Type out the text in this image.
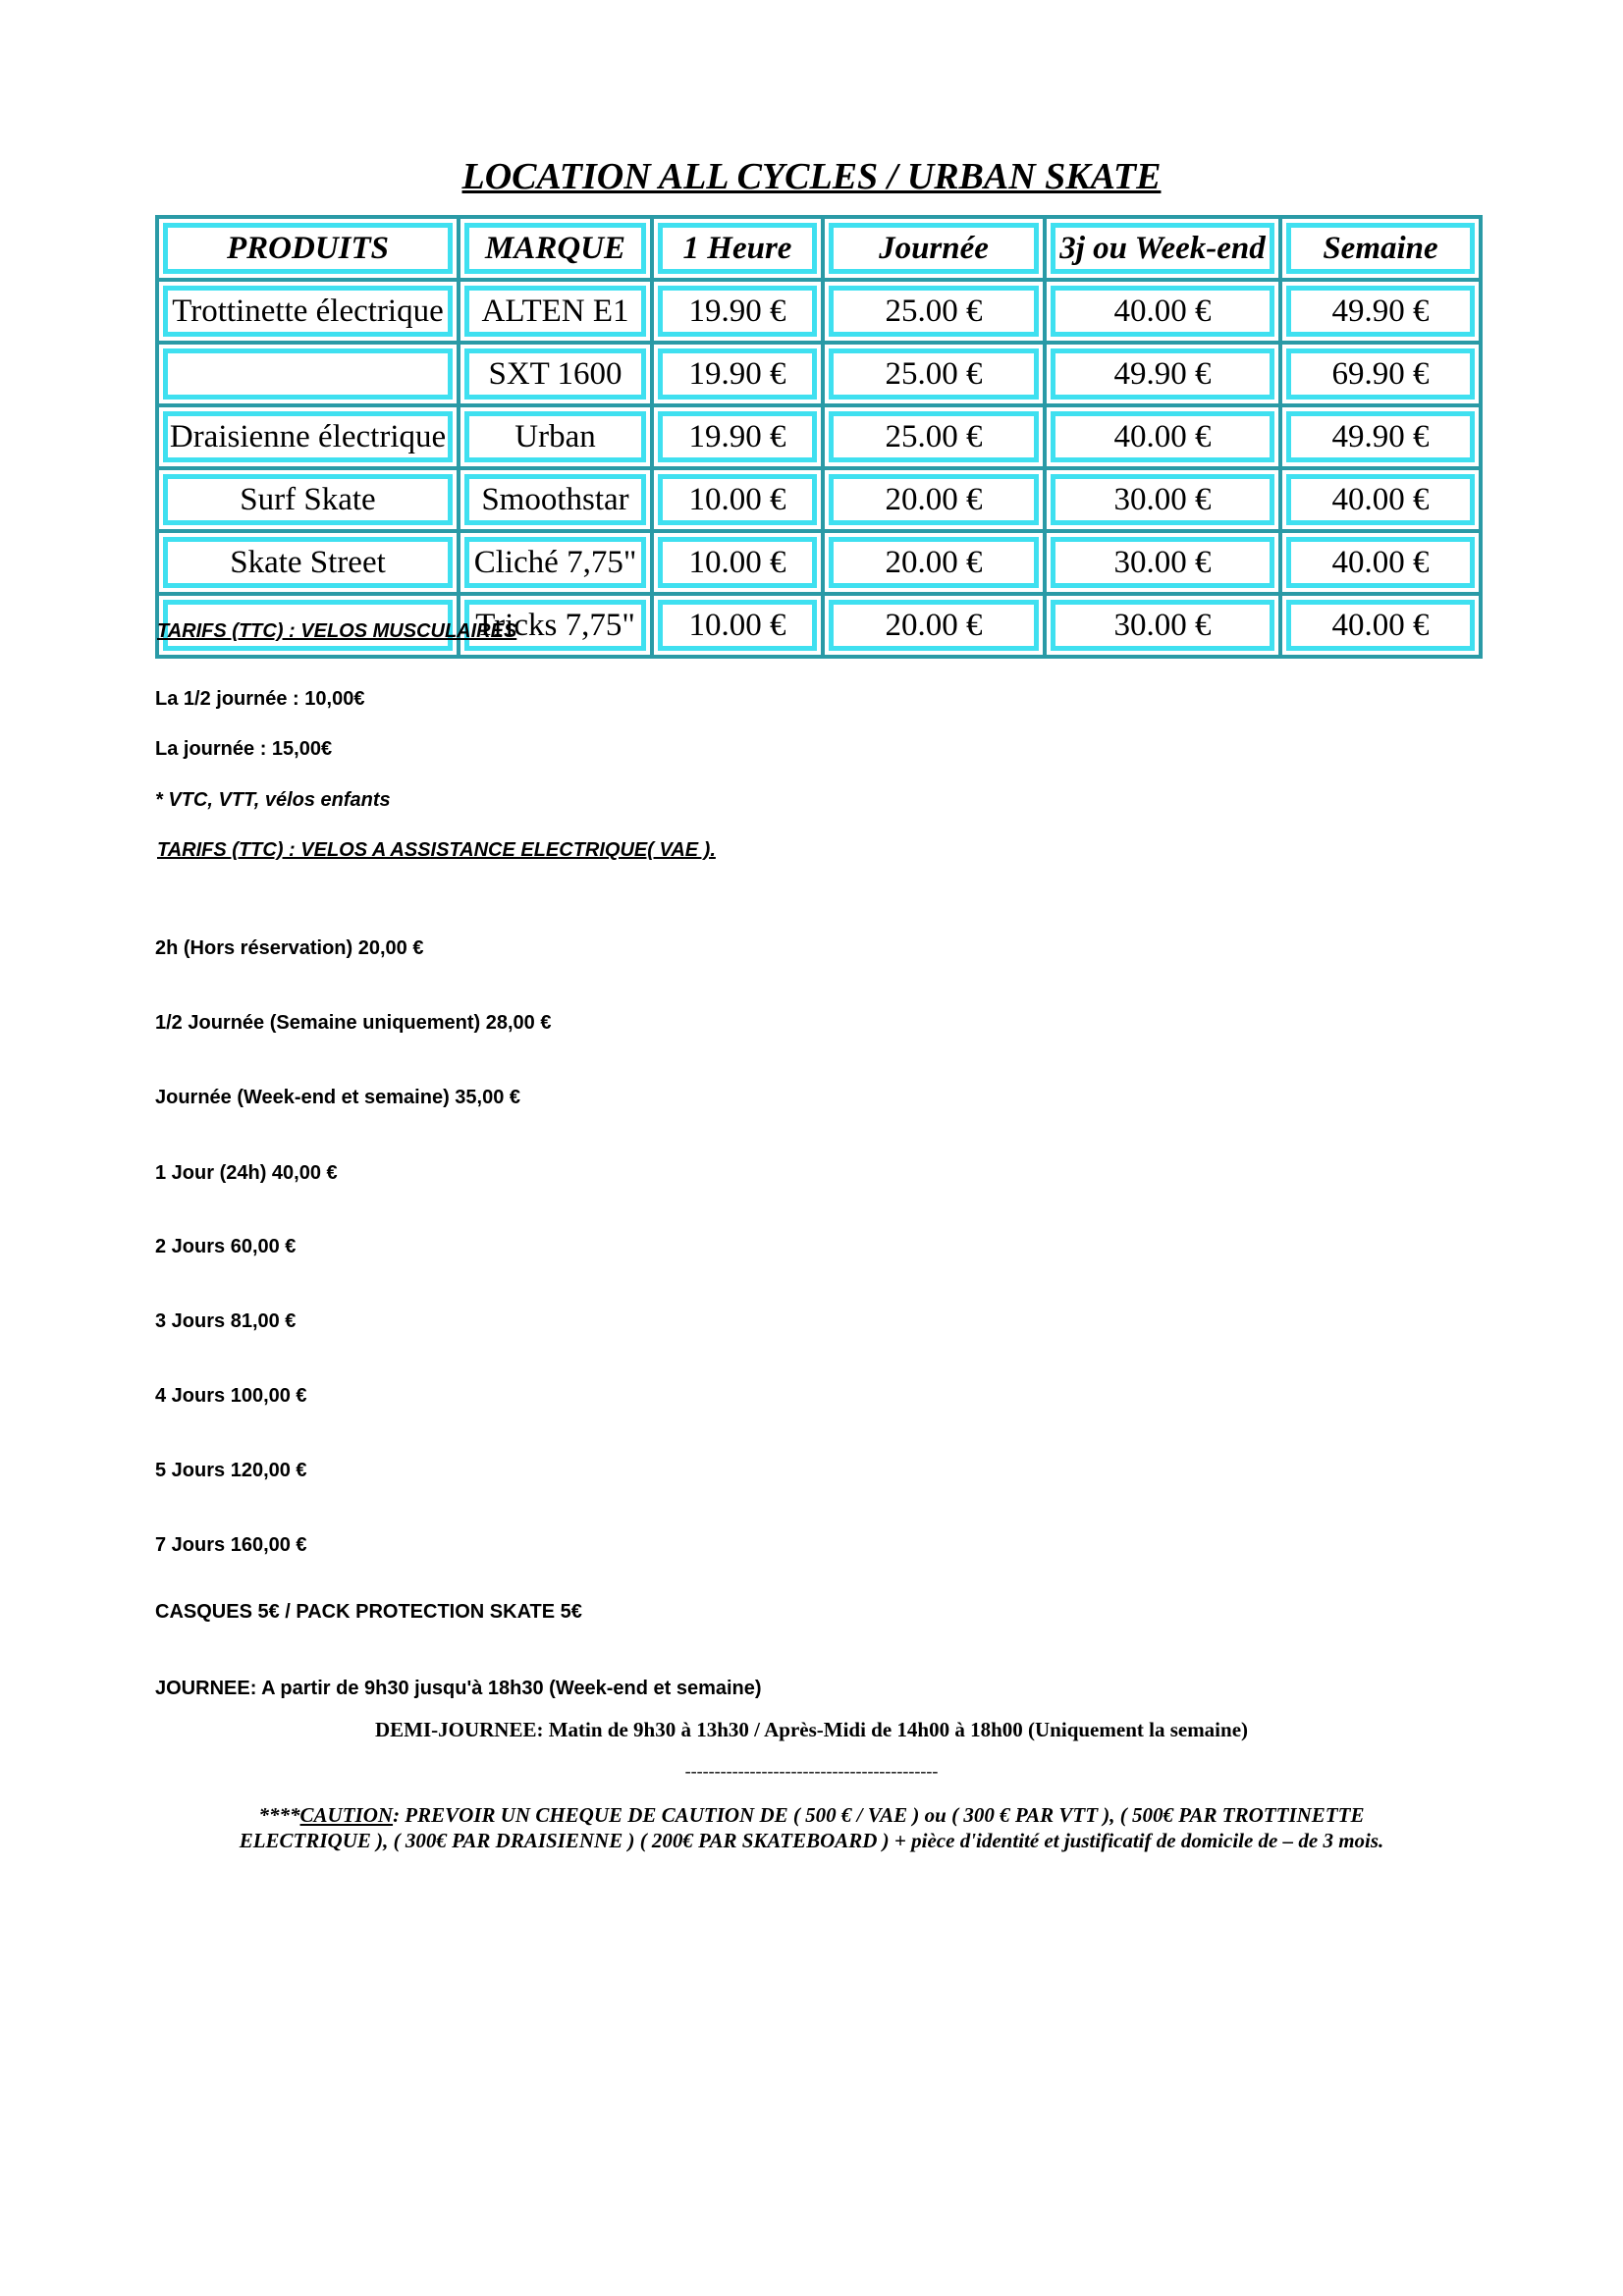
LOCATION ALL CYCLES / URBAN SKATE
PRODUITS	MARQUE	1 Heure	Journée	3j ou Week-end	Semaine

Trottinette électrique	ALTEN E1	19.90 €	25.00 €	40.00 €	49.90 €

	SXT 1600	19.90 €	25.00 €	49.90 €	69.90 €

Draisienne électrique	Urban	19.90 €	25.00 €	40.00 €	49.90 €

Surf Skate	Smoothstar	10.00 €	20.00 €	30.00 €	40.00 €

Skate Street	Cliché 7,75"	10.00 €	20.00 €	30.00 €	40.00 €

	Tricks 7,75"	10.00 €	20.00 €	30.00 €	40.00 €
TARIFS (TTC) : VELOS MUSCULAIRES
La 1/2 journée : 10,00€
La journée : 15,00€
* VTC, VTT, vélos enfants
TARIFS (TTC) : VELOS A ASSISTANCE ELECTRIQUE( VAE ).
2h (Hors réservation) 20,00 €
1/2 Journée (Semaine uniquement) 28,00 €
Journée (Week-end et semaine) 35,00 €
1 Jour (24h) 40,00 €
2 Jours 60,00 €
3 Jours 81,00 €
4 Jours 100,00 €
5 Jours 120,00 €
7 Jours 160,00 €
CASQUES 5€ / PACK PROTECTION SKATE 5€
JOURNEE: A partir de 9h30 jusqu'à 18h30 (Week-end et semaine)
DEMI-JOURNEE: Matin de 9h30 à 13h30 / Après-Midi de 14h00 à 18h00 (Uniquement la semaine)
-------------------------------------------
****CAUTION: PREVOIR UN CHEQUE DE CAUTION DE ( 500 € / VAE ) ou ( 300 € PAR VTT ), ( 500€ PAR TROTTINETTE ELECTRIQUE ), ( 300€ PAR DRAISIENNE ) ( 200€ PAR SKATEBOARD ) + pièce d'identité et justificatif de domicile de – de 3 mois.
